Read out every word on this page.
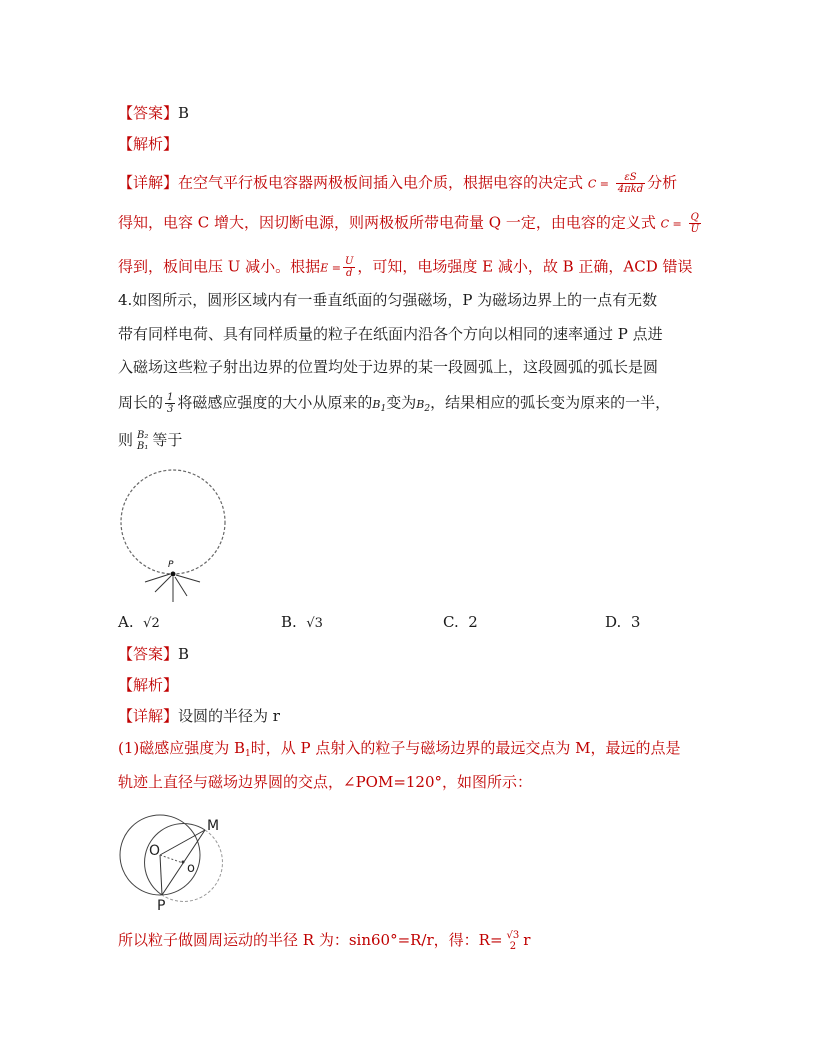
【答案】B
【解析】
【详解】在空气平行板电容器两极板间插入电介质，根据电容的决定式 $C = \frac{\varepsilon S}{\text{4πkd}}$ 分析
得知，电容 C 增大，因切断电源，则两极板所带电荷量 Q 一定，由电容的定义式 $C = \frac{Q}{U}$
得到，板间电压 U 减小。根据$E = \frac{U}{d}$ ，可知，电场强度 E 减小，故 B 正确，ACD 错误
4.如图所示，圆形区域内有一垂直纸面的匀强磁场，P 为磁场边界上的一点有无数
带有同样电荷、具有同样质量的粒子在纸面内沿各个方向以相同的速率通过 P 点进
入磁场这些粒子射出边界的位置均处于边界的某一段圆弧上，这段圆弧的弧长是圆
周长的 $\frac{1}{3}$ 将磁感应强度的大小从原来的$B_1$变为$B_2$，结果相应的弧长变为原来的一半，
则 B₂
B₁ 等于
P
A. √2	B. √3	C. 2	D. 3
【答案】B
【解析】
【详解】设圆的半径为 r
(1)磁感应强度为 $B_1$时，从 P 点射入的粒子与磁场边界的最远交点为 M，最远的点是
轨迹上直径与磁场边界圆的交点，∠POM=120°，如图所示：
M
O
o
P
所以粒子做圆周运动的半径 R 为：sin60°=R/r，得：R= √3
2 r
